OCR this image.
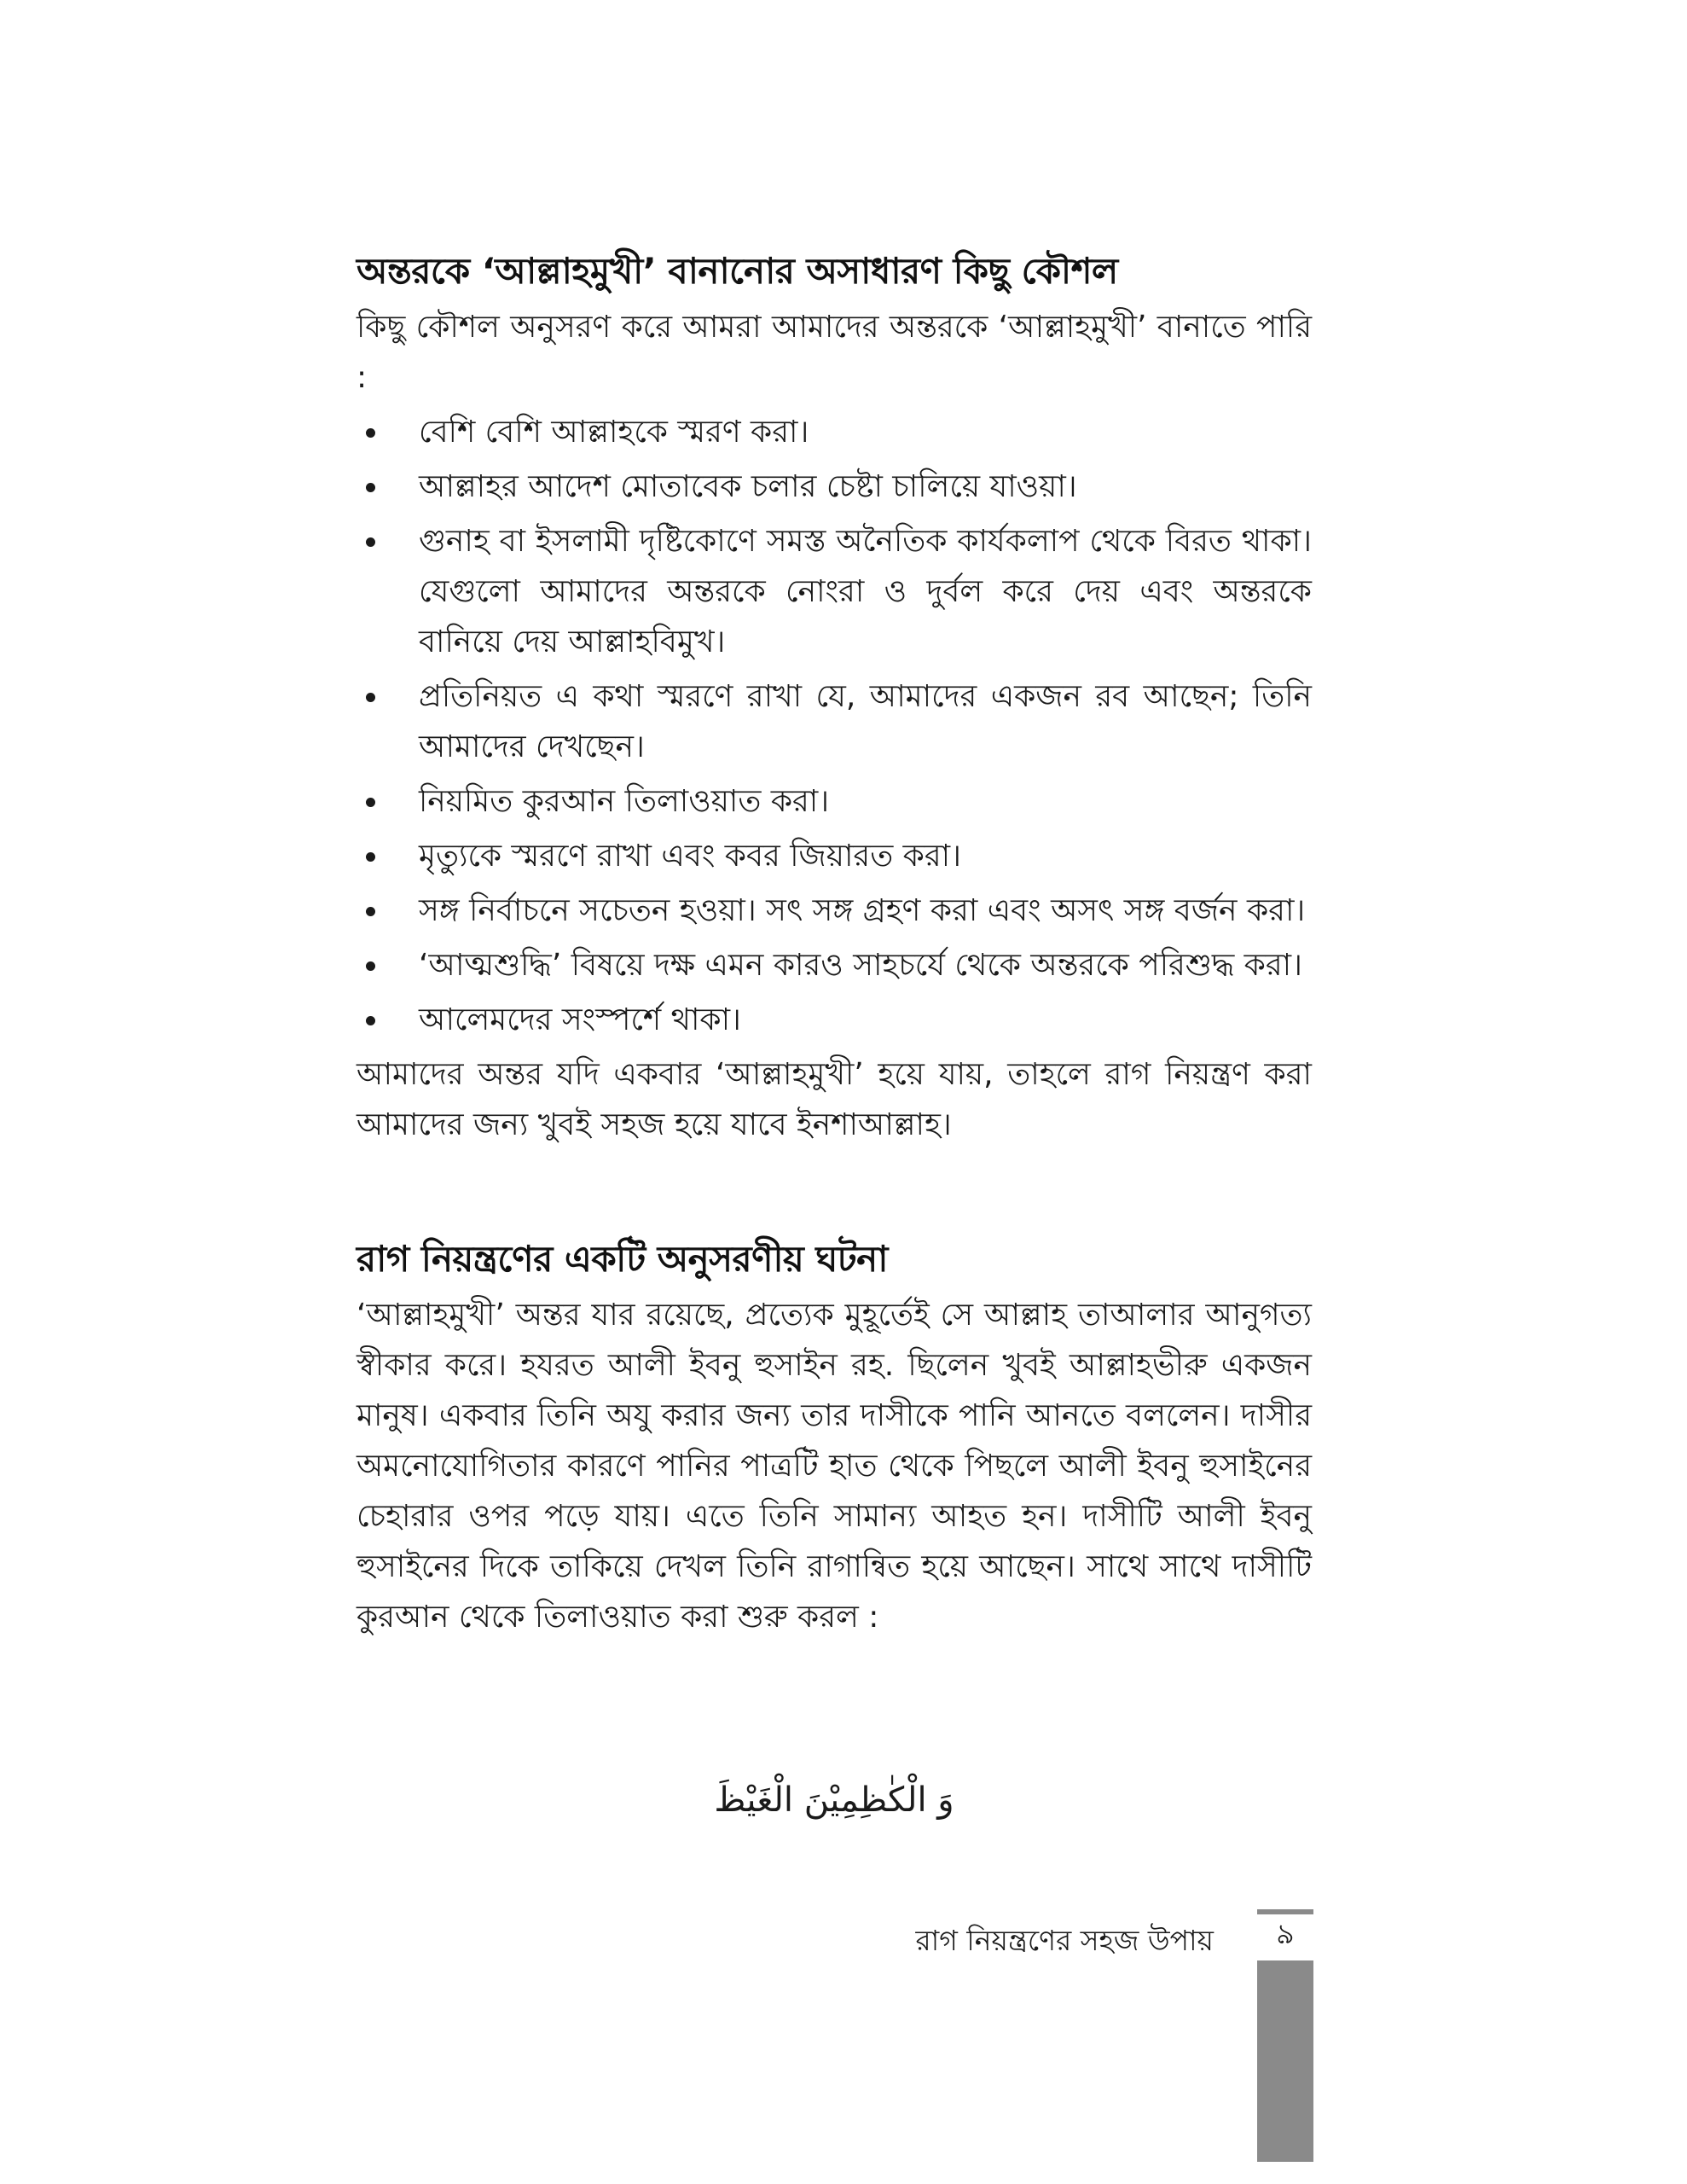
অন্তরকে ‘আল্লাহমুখী’ বানানোর অসাধারণ কিছু কৌশল

কিছু কৌশল অনুসরণ করে আমরা আমাদের অন্তরকে ‘আল্লাহমুখী’ বানাতে পারি :

বেশি বেশি আল্লাহকে স্মরণ করা।
আল্লাহর আদেশ মোতাবেক চলার চেষ্টা চালিয়ে যাওয়া।
গুনাহ বা ইসলামী দৃষ্টিকোণে সমস্ত অনৈতিক কার্যকলাপ থেকে বিরত থাকা। যেগুলো আমাদের অন্তরকে নোংরা ও দুর্বল করে দেয় এবং অন্তরকে বানিয়ে দেয় আল্লাহবিমুখ।
প্রতিনিয়ত এ কথা স্মরণে রাখা যে, আমাদের একজন রব আছেন; তিনি আমাদের দেখছেন।
নিয়মিত কুরআন তিলাওয়াত করা।
মৃত্যুকে স্মরণে রাখা এবং কবর জিয়ারত করা।
সঙ্গ নির্বাচনে সচেতন হওয়া। সৎ সঙ্গ গ্রহণ করা এবং অসৎ সঙ্গ বর্জন করা।
‘আত্মশুদ্ধি’ বিষয়ে দক্ষ এমন কারও সাহচর্যে থেকে অন্তরকে পরিশুদ্ধ করা।
আলেমদের সংস্পর্শে থাকা।

আমাদের অন্তর যদি একবার ‘আল্লাহমুখী’ হয়ে যায়, তাহলে রাগ নিয়ন্ত্রণ করা আমাদের জন্য খুবই সহজ হয়ে যাবে ইনশাআল্লাহ।

রাগ নিয়ন্ত্রণের একটি অনুসরণীয় ঘটনা

‘আল্লাহমুখী’ অন্তর যার রয়েছে, প্রত্যেক মুহূর্তেই সে আল্লাহ তাআলার আনুগত্য স্বীকার করে। হযরত আলী ইবনু হুসাইন রহ. ছিলেন খুবই আল্লাহভীরু একজন মানুষ। একবার তিনি অযু করার জন্য তার দাসীকে পানি আনতে বললেন। দাসীর অমনোযোগিতার কারণে পানির পাত্রটি হাত থেকে পিছলে আলী ইবনু হুসাইনের চেহারার ওপর পড়ে যায়। এতে তিনি সামান্য আহত হন। দাসীটি আলী ইবনু হুসাইনের দিকে তাকিয়ে দেখল তিনি রাগান্বিত হয়ে আছেন। সাথে সাথে দাসীটি কুরআন থেকে তিলাওয়াত করা শুরু করল :

وَ الْكٰظِمِیْنَ الْغَیْظَ
রাগ নিয়ন্ত্রণের সহজ উপায়	৯
